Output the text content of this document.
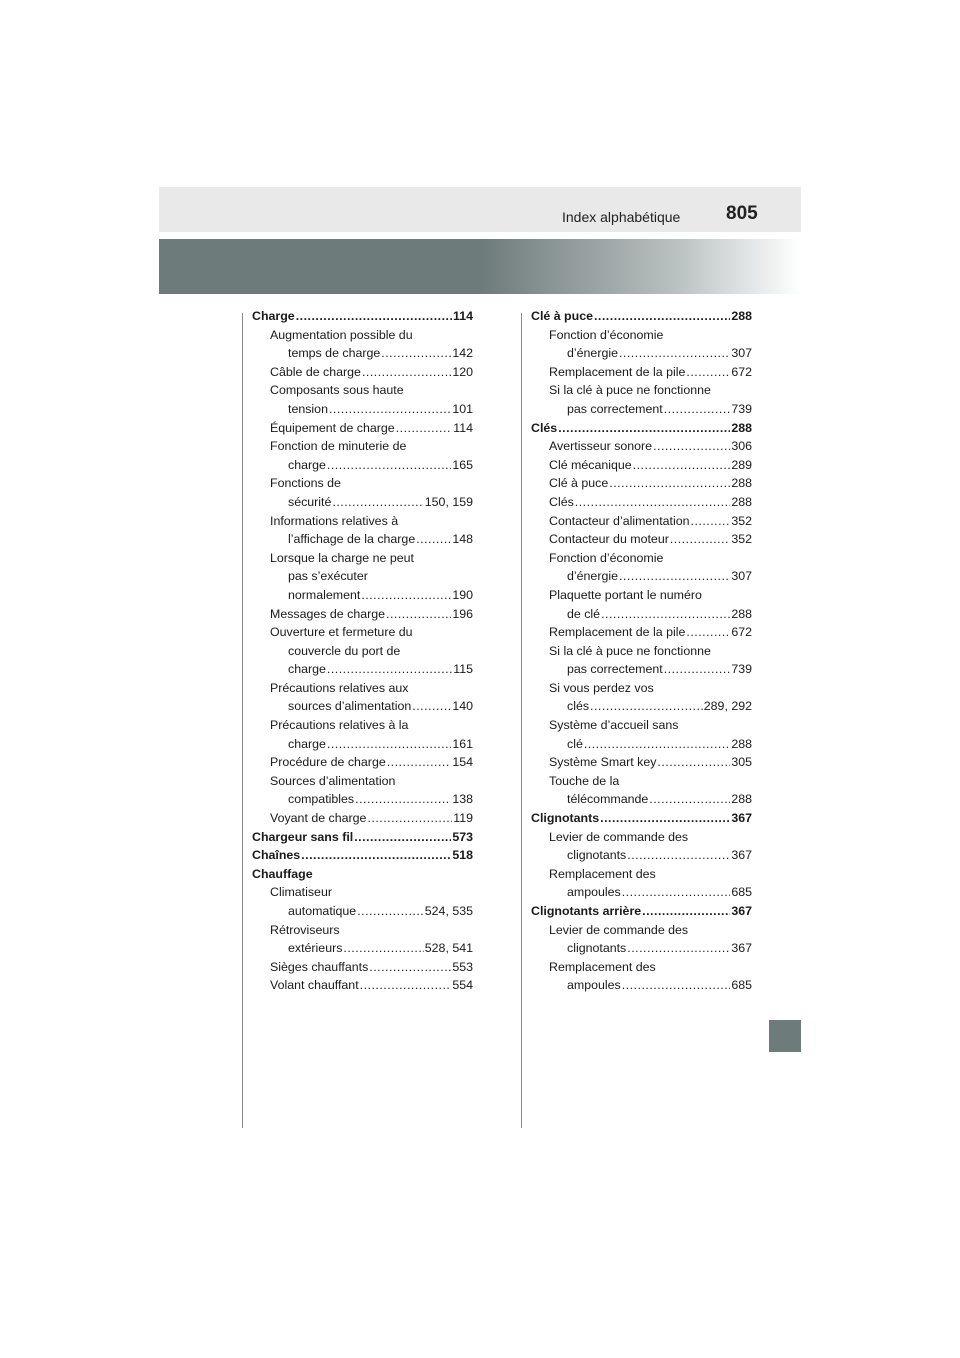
Index alphabétique 805
Charge .....	114
Augmentation possible du
temps de charge .....	142
Câble de charge .....	120
Composants sous haute
tension .....	101
Équipement de charge .....	114
Fonction de minuterie de
charge .....	165
Fonctions de
sécurité .....	150, 159
Informations relatives à
l’affichage de la charge .....	148
Lorsque la charge ne peut
pas s’exécuter
normalement .....	190
Messages de charge .....	196
Ouverture et fermeture du
couvercle du port de
charge .....	115
Précautions relatives aux
sources d’alimentation .....	140
Précautions relatives à la
charge .....	161
Procédure de charge .....	154
Sources d’alimentation
compatibles .....	138
Voyant de charge .....	119
Chargeur sans fil .....	573
Chaînes .....	518
Chauffage
Climatiseur
automatique .....	524, 535
Rétroviseurs
extérieurs .....	528, 541
Sièges chauffants .....	553
Volant chauffant .....	554
Clé à puce .....	288
Fonction d’économie
d’énergie .....	307
Remplacement de la pile .....	672
Si la clé à puce ne fonctionne
pas correctement .....	739
Clés .....	288
Avertisseur sonore .....	306
Clé mécanique .....	289
Clé à puce .....	288
Clés .....	288
Contacteur d’alimentation .....	352
Contacteur du moteur .....	352
Fonction d’économie
d’énergie .....	307
Plaquette portant le numéro
de clé .....	288
Remplacement de la pile .....	672
Si la clé à puce ne fonctionne
pas correctement .....	739
Si vous perdez vos
clés .....	289, 292
Système d’accueil sans
clé .....	288
Système Smart key .....	305
Touche de la
télécommande .....	288
Clignotants .....	367
Levier de commande des
clignotants .....	367
Remplacement des
ampoules .....	685
Clignotants arrière .....	367
Levier de commande des
clignotants .....	367
Remplacement des
ampoules .....	685
